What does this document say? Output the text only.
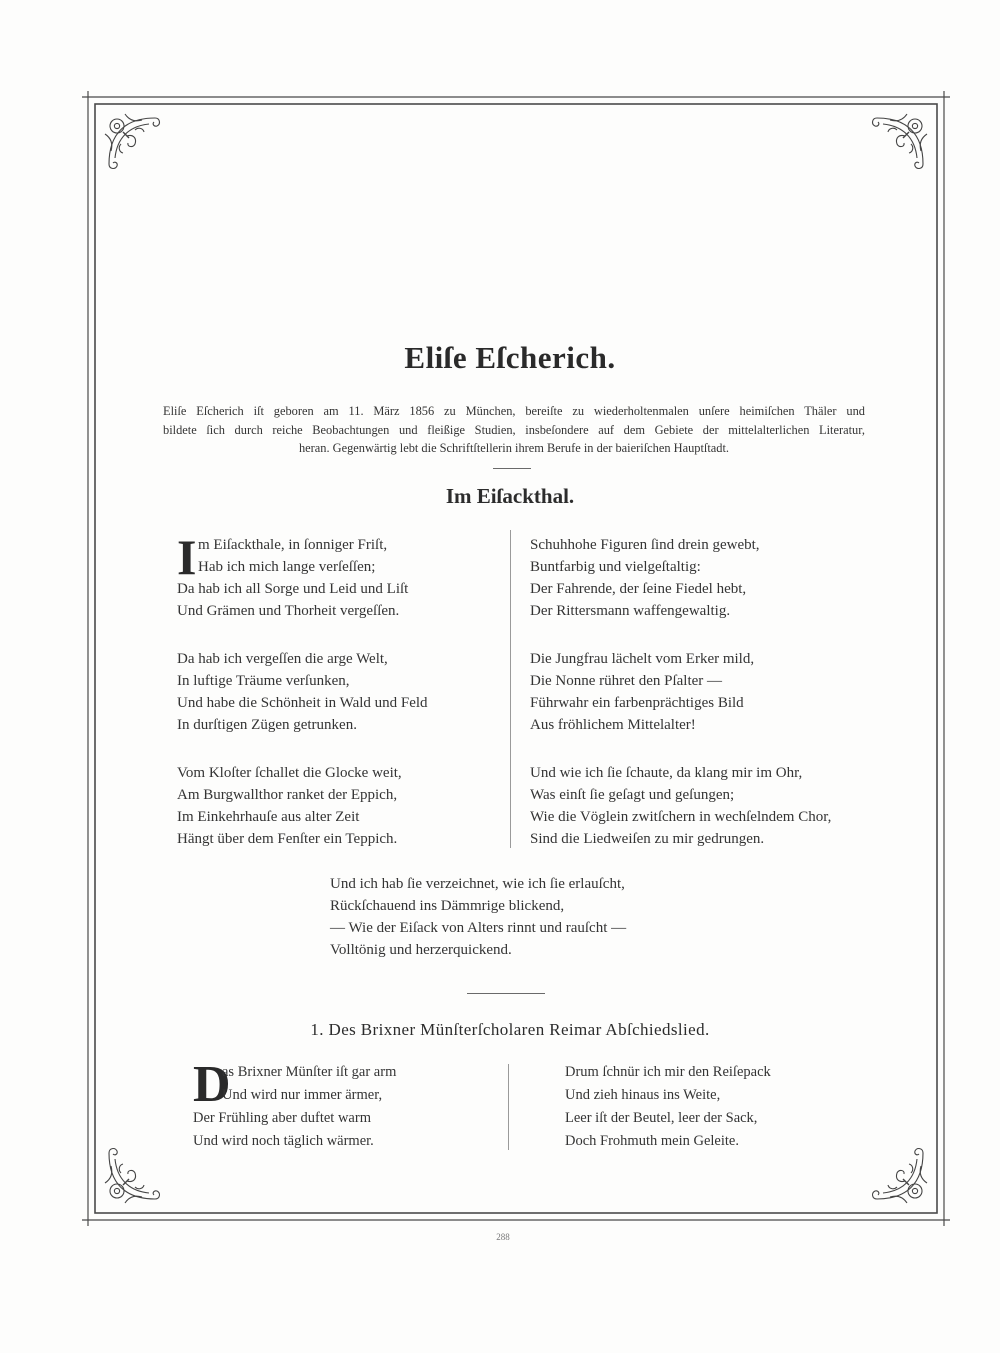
Eliſe Eſcherich.
Eliſe Eſcherich iſt geboren am 11. März 1856 zu München, bereiſte zu wiederholtenmalen unſere heimiſchen Thäler und
bildete ſich durch reiche Beobachtungen und fleißige Studien, insbeſondere auf dem Gebiete der mittelalterlichen Literatur,
heran. Gegenwärtig lebt die Schriftſtellerin ihrem Berufe in der baieriſchen Hauptſtadt.
Im Eiſackthal.
I m Eiſackthale, in ſonniger Friſt,
Hab ich mich lange verſeſſen;
Da hab ich all Sorge und Leid und Liſt
Und Grämen und Thorheit vergeſſen.
Da hab ich vergeſſen die arge Welt,
In luftige Träume verſunken,
Und habe die Schönheit in Wald und Feld
In durſtigen Zügen getrunken.
Vom Kloſter ſchallet die Glocke weit,
Am Burgwallthor ranket der Eppich,
Im Einkehrhauſe aus alter Zeit
Hängt über dem Fenſter ein Teppich.
Schuhhohe Figuren ſind drein gewebt,
Buntfarbig und vielgeſtaltig:
Der Fahrende, der ſeine Fiedel hebt,
Der Rittersmann waffengewaltig.
Die Jungfrau lächelt vom Erker mild,
Die Nonne rühret den Pſalter —
Führwahr ein farbenprächtiges Bild
Aus fröhlichem Mittelalter!
Und wie ich ſie ſchaute, da klang mir im Ohr,
Was einſt ſie geſagt und geſungen;
Wie die Vöglein zwitſchern in wechſelndem Chor,
Sind die Liedweiſen zu mir gedrungen.
Und ich hab ſie verzeichnet, wie ich ſie erlauſcht,
Rückſchauend ins Dämmrige blickend,
— Wie der Eiſack von Alters rinnt und rauſcht —
Volltönig und herzerquickend.
1. Des Brixner Münſterſcholaren Reimar Abſchiedslied.
D
as Brixner Münſter iſt gar arm
Und wird nur immer ärmer,
Der Frühling aber duftet warm
Und wird noch täglich wärmer.
Drum ſchnür ich mir den Reiſepack
Und zieh hinaus ins Weite,
Leer iſt der Beutel, leer der Sack,
Doch Frohmuth mein Geleite.
288
